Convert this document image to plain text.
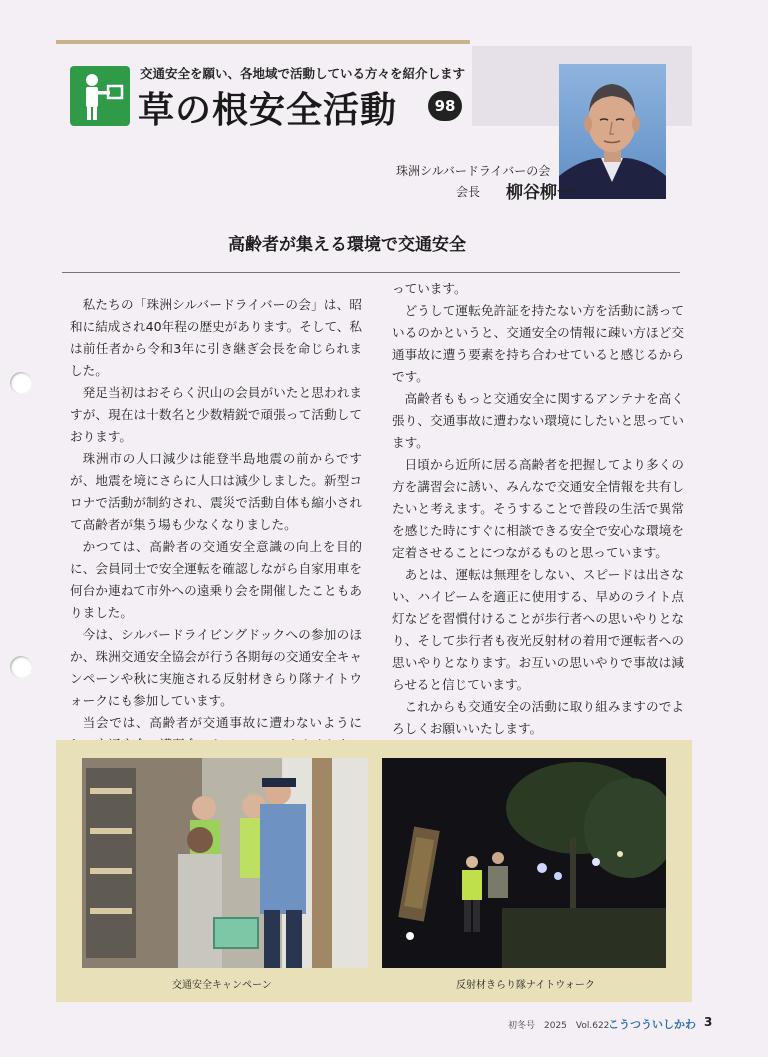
交通安全を願い、各地域で活動している方々を紹介します
草の根安全活動	98
珠洲シルバードライバーの会
会長 柳谷柳一
高齢者が集える環境で交通安全

私たちの「珠洲シルバードライバーの会」は、昭和に結成され40年程の歴史があります。そして、私は前任者から令和3年に引き継ぎ会長を命じられました。

発足当初はおそらく沢山の会員がいたと思われますが、現在は十数名と少数精鋭で頑張って活動しております。

珠洲市の人口減少は能登半島地震の前からですが、地震を境にさらに人口は減少しました。新型コロナで活動が制約され、震災で活動自体も縮小されて高齢者が集う場も少なくなりました。

かつては、高齢者の交通安全意識の向上を目的に、会員同士で安全運転を確認しながら自家用車を何台か連ねて市外への遠乗り会を開催したこともありました。

今は、シルバードライビングドックへの参加のほか、珠洲交通安全協会が行う各期毎の交通安全キャンペーンや秋に実施される反射材きらり隊ナイトウォークにも参加しています。

当会では、高齢者が交通事故に遭わないように

っています。

どうして運転免許証を持たない方を活動に誘っているのかというと、交通安全の情報に疎い方ほど交通事故に遭う要素を持ち合わせていると感じるからです。

高齢者ももっと交通安全に関するアンテナを高く張り、交通事故に遭わない環境にしたいと思っています。

日頃から近所に居る高齢者を把握してより多くの方を講習会に誘い、みんなで交通安全情報を共有したいと考えます。そうすることで普段の生活で異常を感じた時にすぐに相談できる安全で安心な環境を定着させることにつながるものと思っています。

あとは、運転は無理をしない、スピードは出さない、ハイビームを適正に使用する、早めのライト点灯などを習慣付けることが歩行者への思いやりとなり、そして歩行者も夜光反射材の着用で運転者への思いやりとなります。お互いの思いやりで事故は減らせると信じています。

これからも交通安全の活動に取り組みますのでよろしくお願いいたします。

交通安全キャンペーン	反射材きらり隊ナイトウォーク
初冬号　2025　Vol.622
こうつういしかわ 3
